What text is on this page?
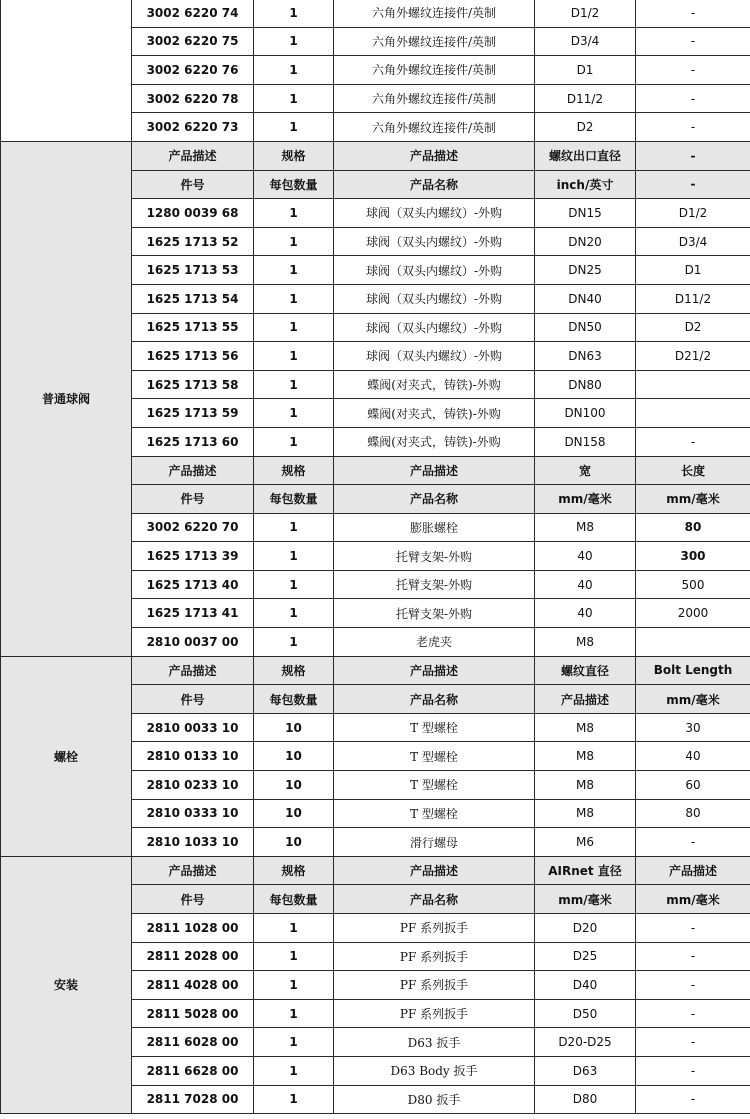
	3002 6220 74	1	六角外螺纹连接件/英制	D1/2	-
	3002 6220 75	1	六角外螺纹连接件/英制	D3/4	-
	3002 6220 76	1	六角外螺纹连接件/英制	D1	-
	3002 6220 78	1	六角外螺纹连接件/英制	D11/2	-
	3002 6220 73	1	六角外螺纹连接件/英制	D2	-
普通球阀	产品描述	规格	产品描述	螺纹出口直径	-
	件号	每包数量	产品名称	inch/英寸	-
	1280 0039 68	1	球阀（双头内螺纹）-外购	DN15	D1/2
	1625 1713 52	1	球阀（双头内螺纹）-外购	DN20	D3/4
	1625 1713 53	1	球阀（双头内螺纹）-外购	DN25	D1
	1625 1713 54	1	球阀（双头内螺纹）-外购	DN40	D11/2
	1625 1713 55	1	球阀（双头内螺纹）-外购	DN50	D2
	1625 1713 56	1	球阀（双头内螺纹）-外购	DN63	D21/2
	1625 1713 58	1	蝶阀(对夹式，铸铁)-外购	DN80	
	1625 1713 59	1	蝶阀(对夹式，铸铁)-外购	DN100	
	1625 1713 60	1	蝶阀(对夹式，铸铁)-外购	DN158	-
	产品描述	规格	产品描述	宽	长度
	件号	每包数量	产品名称	mm/毫米	mm/毫米
	3002 6220 70	1	膨胀螺栓	M8	80
	1625 1713 39	1	托臂支架-外购	40	300
	1625 1713 40	1	托臂支架-外购	40	500
	1625 1713 41	1	托臂支架-外购	40	2000
	2810 0037 00	1	老虎夹	M8	
螺栓	产品描述	规格	产品描述	螺纹直径	Bolt Length
	件号	每包数量	产品名称	产品描述	mm/毫米
	2810 0033 10	10	T 型螺栓	M8	30
	2810 0133 10	10	T 型螺栓	M8	40
	2810 0233 10	10	T 型螺栓	M8	60
	2810 0333 10	10	T 型螺栓	M8	80
	2810 1033 10	10	滑行螺母	M6	-
安装	产品描述	规格	产品描述	AIRnet 直径	产品描述
	件号	每包数量	产品名称	mm/毫米	mm/毫米
	2811 1028 00	1	PF 系列扳手	D20	-
	2811 2028 00	1	PF 系列扳手	D25	-
	2811 4028 00	1	PF 系列扳手	D40	-
	2811 5028 00	1	PF 系列扳手	D50	-
	2811 6028 00	1	D63 扳手	D20-D25	-
	2811 6628 00	1	D63 Body 扳手	D63	-
	2811 7028 00	1	D80 扳手	D80	-
